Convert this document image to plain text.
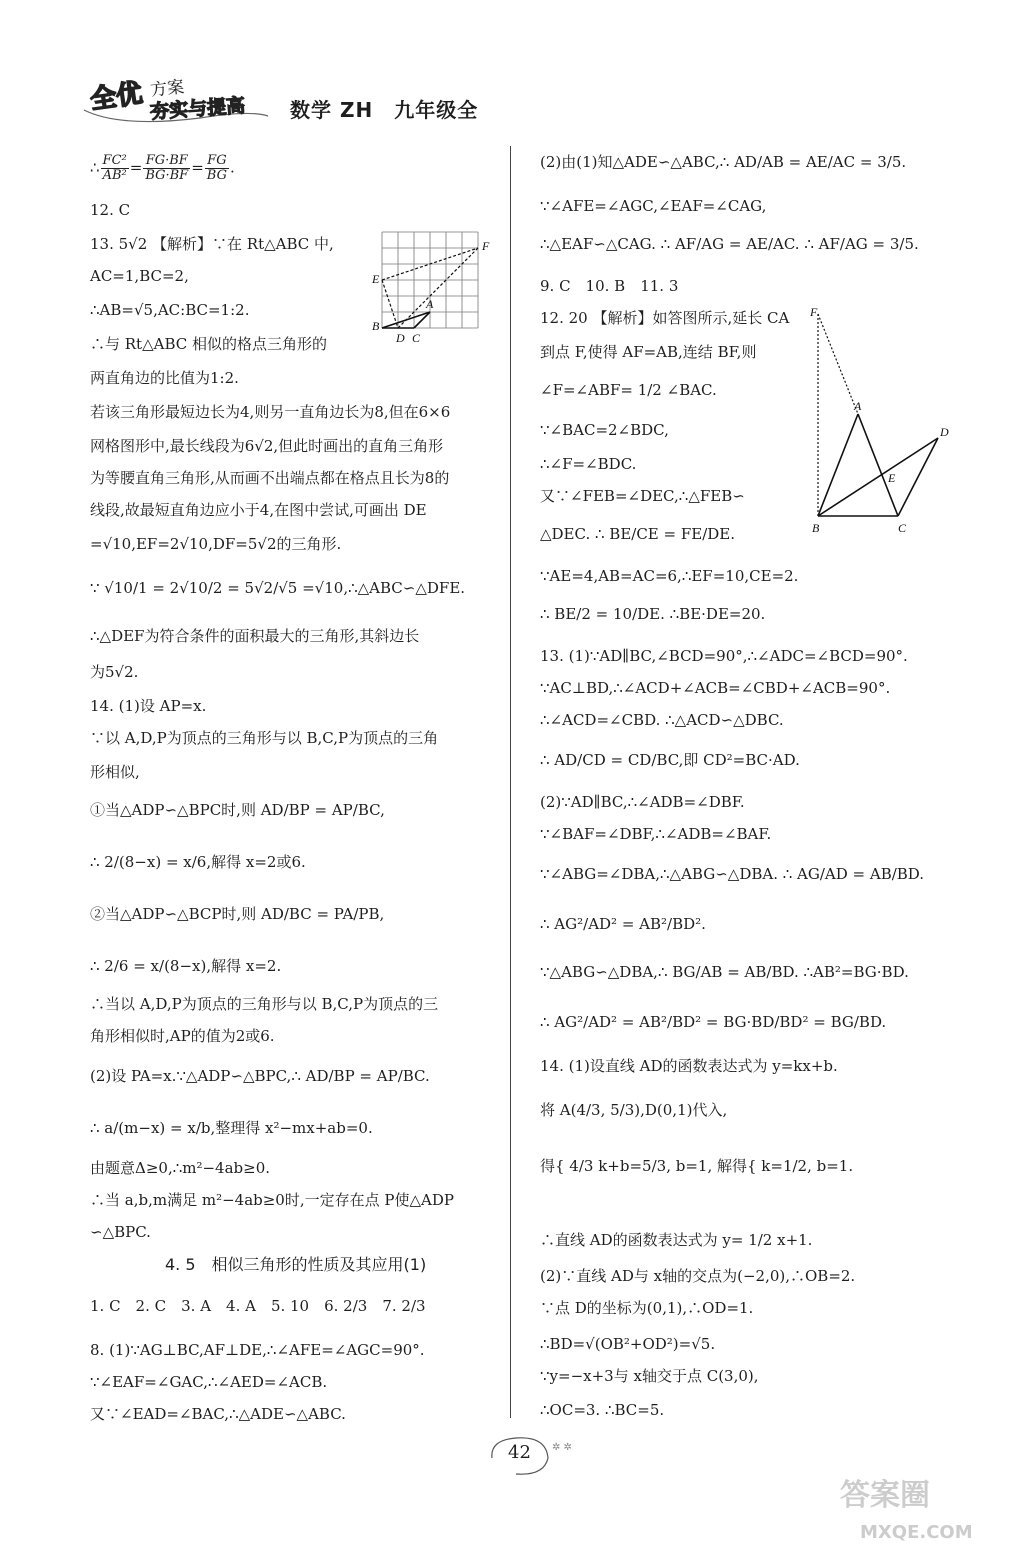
全优 方案
夯实与提高 数学 ZH　九年级全
∴ $\frac{\text{FC²}}{\text{AB²}} = \frac{FG\cdot BF}{BG\cdot BF} = \frac{FG}{BG}$ .
12. C
13. 5√2 【解析】∵在 Rt△ABC 中,
AC=1,BC=2,
∴AB=√5,AC:BC=1:2.
∴与 Rt△ABC 相似的格点三角形的
两直角边的比值为1:2.
若该三角形最短边长为4,则另一直角边长为8,但在6×6
网格图形中,最长线段为6√2,但此时画出的直角三角形
为等腰直角三角形,从而画不出端点都在格点且长为8的
线段,故最短直角边应小于4,在图中尝试,可画出 DE
=√10,EF=2√10,DF=5√2的三角形.
∵ √10/1 = 2√10/2 = 5√2/√5 =√10,∴△ABC∽△DFE.
∴△DEF为符合条件的面积最大的三角形,其斜边长
为5√2.
14. (1)设 AP=x.
∵以 A,D,P为顶点的三角形与以 B,C,P为顶点的三角
形相似,
①当△ADP∽△BPC时,则 AD/BP = AP/BC,
∴ 2/(8−x) = x/6,解得 x=2或6.
②当△ADP∽△BCP时,则 AD/BC = PA/PB,
∴ 2/6 = x/(8−x),解得 x=2.
∴当以 A,D,P为顶点的三角形与以 B,C,P为顶点的三
角形相似时,AP的值为2或6.
(2)设 PA=x.∵△ADP∽△BPC,∴ AD/BP = AP/BC.
∴ a/(m−x) = x/b,整理得 x²−mx+ab=0.
由题意Δ≥0,∴m²−4ab≥0.
∴当 a,b,m满足 m²−4ab≥0时,一定存在点 P使△ADP
∽△BPC.
4. 5　相似三角形的性质及其应用(1)
1. C　2. C　3. A　4. A　5. 10　6. 2/3　7. 2/3
8. (1)∵AG⊥BC,AF⊥DE,∴∠AFE=∠AGC=90°.
∵∠EAF=∠GAC,∴∠AED=∠ACB.
又∵∠EAD=∠BAC,∴△ADE∽△ABC.
E
F
B
D C
A
(2)由(1)知△ADE∽△ABC,∴ AD/AB = AE/AC = 3/5.
∵∠AFE=∠AGC,∠EAF=∠CAG,
∴△EAF∽△CAG. ∴ AF/AG = AE/AC. ∴ AF/AG = 3/5.
9. C　10. B　11. 3
12. 20 【解析】如答图所示,延长 CA
到点 F,使得 AF=AB,连结 BF,则
∠F=∠ABF= 1/2 ∠BAC.
∵∠BAC=2∠BDC,
∴∠F=∠BDC.
又∵∠FEB=∠DEC,∴△FEB∽
△DEC. ∴ BE/CE = FE/DE.
∵AE=4,AB=AC=6,∴EF=10,CE=2.
∴ BE/2 = 10/DE. ∴BE·DE=20.
13. (1)∵AD∥BC,∠BCD=90°,∴∠ADC=∠BCD=90°.
∵AC⊥BD,∴∠ACD+∠ACB=∠CBD+∠ACB=90°.
∴∠ACD=∠CBD. ∴△ACD∽△DBC.
∴ AD/CD = CD/BC,即 CD²=BC·AD.
(2)∵AD∥BC,∴∠ADB=∠DBF.
∵∠BAF=∠DBF,∴∠ADB=∠BAF.
∵∠ABG=∠DBA,∴△ABG∽△DBA. ∴ AG/AD = AB/BD.
∴ AG²/AD² = AB²/BD².
∵△ABG∽△DBA,∴ BG/AB = AB/BD. ∴AB²=BG·BD.
∴ AG²/AD² = AB²/BD² = BG·BD/BD² = BG/BD.
14. (1)设直线 AD的函数表达式为 y=kx+b.
将 A(4/3, 5/3),D(0,1)代入,
得{ 4/3 k+b=5/3, b=1, 解得{ k=1/2, b=1.
∴直线 AD的函数表达式为 y= 1/2 x+1.
(2)∵直线 AD与 x轴的交点为(−2,0),∴OB=2.
∵点 D的坐标为(0,1),∴OD=1.
∴BD=√(OB²+OD²)=√5.
∵y=−x+3与 x轴交于点 C(3,0),
∴OC=3. ∴BC=5.
F
A
D
E
B	C
✲ ✲
42
答案圈
MXQE.COM
